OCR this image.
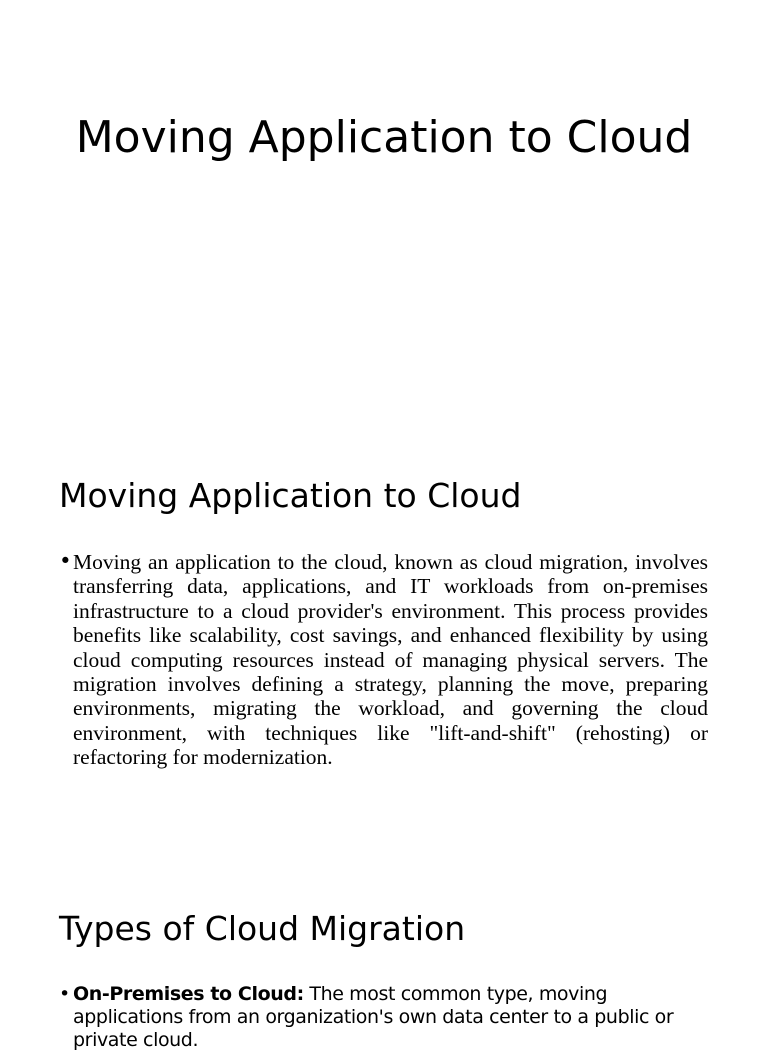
Moving Application to Cloud
Moving Application to Cloud
• Moving an application to the cloud, known as cloud migration, involves transferring data, applications, and IT workloads from on-premises infrastructure to a cloud provider's environment. This process provides benefits like scalability, cost savings, and enhanced flexibility by using cloud computing resources instead of managing physical servers. The migration involves defining a strategy, planning the move, preparing environments, migrating the workload, and governing the cloud environment, with techniques like "lift-and-shift" (rehosting) or refactoring for modernization.
Types of Cloud Migration
• On-Premises to Cloud: The most common type, moving applications from an organization's own data center to a public or private cloud.
